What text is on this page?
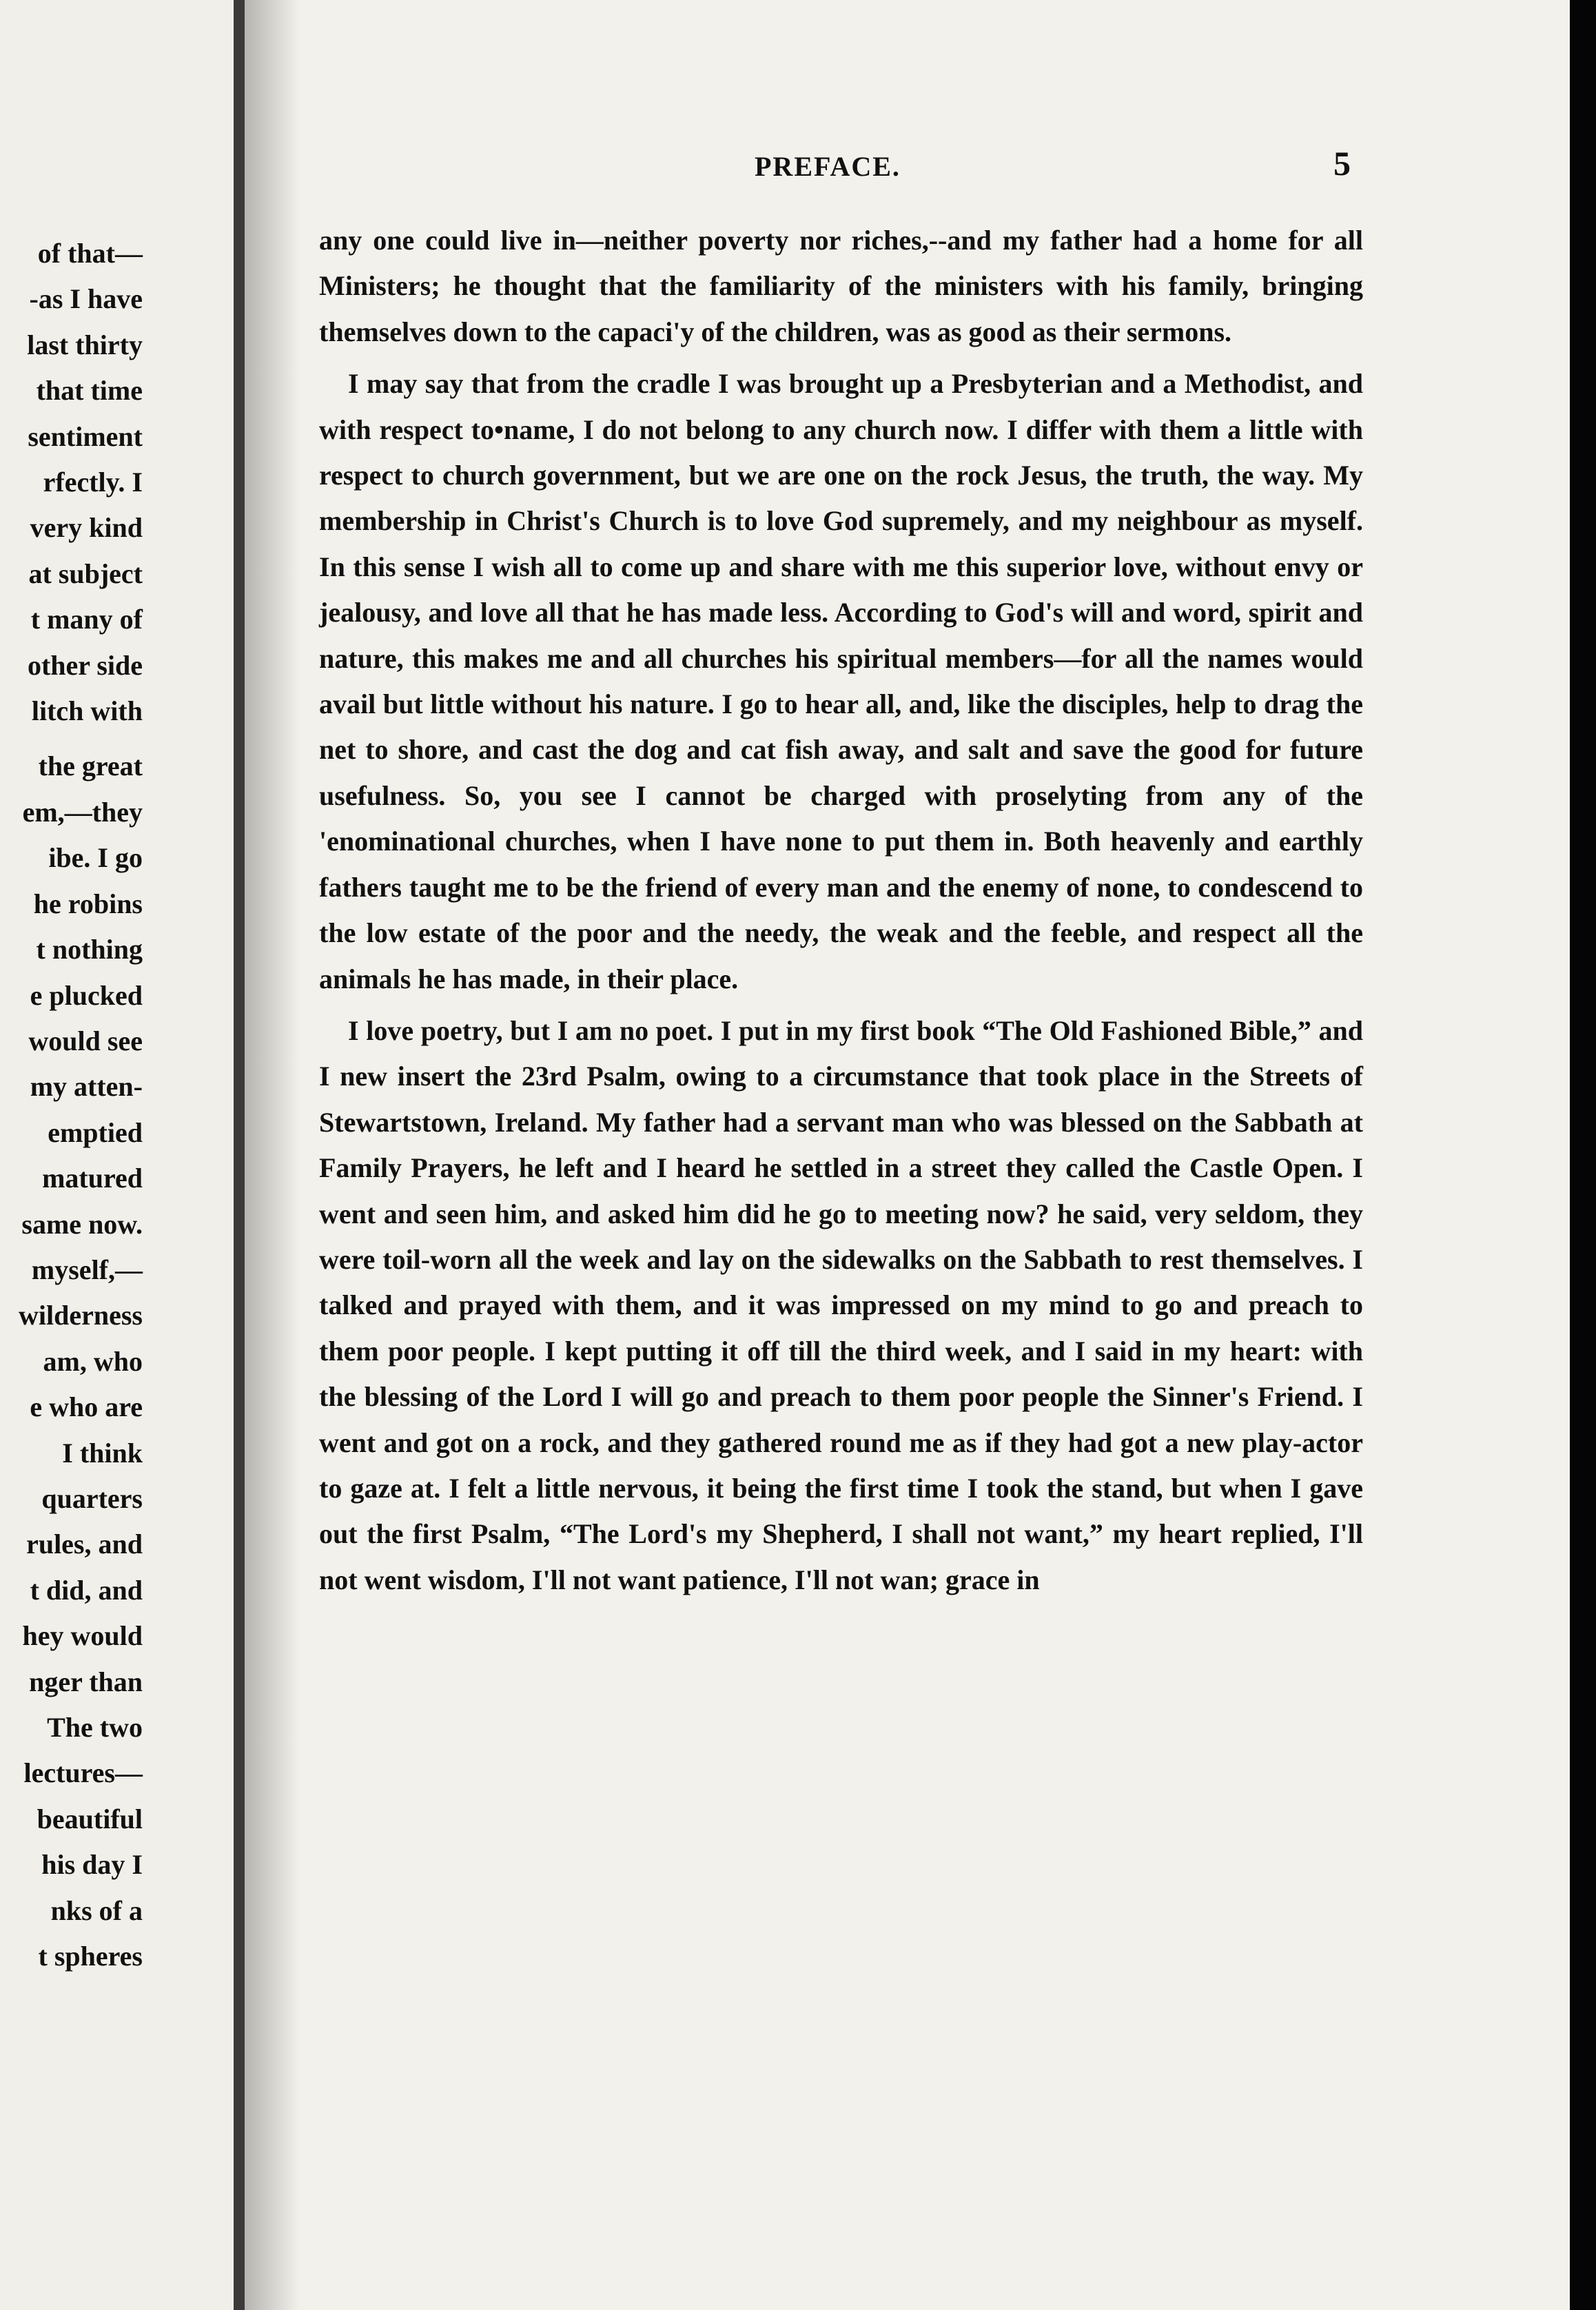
of that—
-as I have
last thirty
that time
sentiment
rfectly. I
very kind
at subject
t many of
other side
litch with
the great
em,—they
ibe. I go
he robins
t nothing
e plucked
would see
my atten-
emptied
matured
same now.
myself,—
wilderness
am, who
e who are
I think
quarters
rules, and
t did, and
hey would
nger than
The two
lectures—
beautiful
his day I
nks of a
t spheres
PREFACE.	5

any one could live in—neither poverty nor riches,--and my father had a home for all Ministers; he thought that the familiarity of the ministers with his family, bringing themselves down to the capaci'y of the children, was as good as their sermons.

I may say that from the cradle I was brought up a Presbyterian and a Methodist, and with respect to•name, I do not belong to any church now. I differ with them a little with respect to church government, but we are one on the rock Jesus, the truth, the way. My membership in Christ's Church is to love God supremely, and my neighbour as myself. In this sense I wish all to come up and share with me this superior love, without envy or jealousy, and love all that he has made less. According to God's will and word, spirit and nature, this makes me and all churches his spiritual members—for all the names would avail but little without his nature. I go to hear all, and, like the disciples, help to drag the net to shore, and cast the dog and cat fish away, and salt and save the good for future usefulness. So, you see I cannot be charged with proselyting from any of the 'enominational churches, when I have none to put them in. Both heavenly and earthly fathers taught me to be the friend of every man and the enemy of none, to condescend to the low estate of the poor and the needy, the weak and the feeble, and respect all the animals he has made, in their place.

I love poetry, but I am no poet. I put in my first book “The Old Fashioned Bible,” and I new insert the 23rd Psalm, owing to a circumstance that took place in the Streets of Stewartstown, Ireland. My father had a servant man who was blessed on the Sabbath at Family Prayers, he left and I heard he settled in a street they called the Castle Open. I went and seen him, and asked him did he go to meeting now? he said, very seldom, they were toil-worn all the week and lay on the sidewalks on the Sabbath to rest themselves. I talked and prayed with them, and it was impressed on my mind to go and preach to them poor people. I kept putting it off till the third week, and I said in my heart: with the blessing of the Lord I will go and preach to them poor people the Sinner's Friend. I went and got on a rock, and they gathered round me as if they had got a new play-actor to gaze at. I felt a little nervous, it being the first time I took the stand, but when I gave out the first Psalm, “The Lord's my Shepherd, I shall not want,” my heart replied, I'll not went wisdom, I'll not want patience, I'll not wan; grace in
